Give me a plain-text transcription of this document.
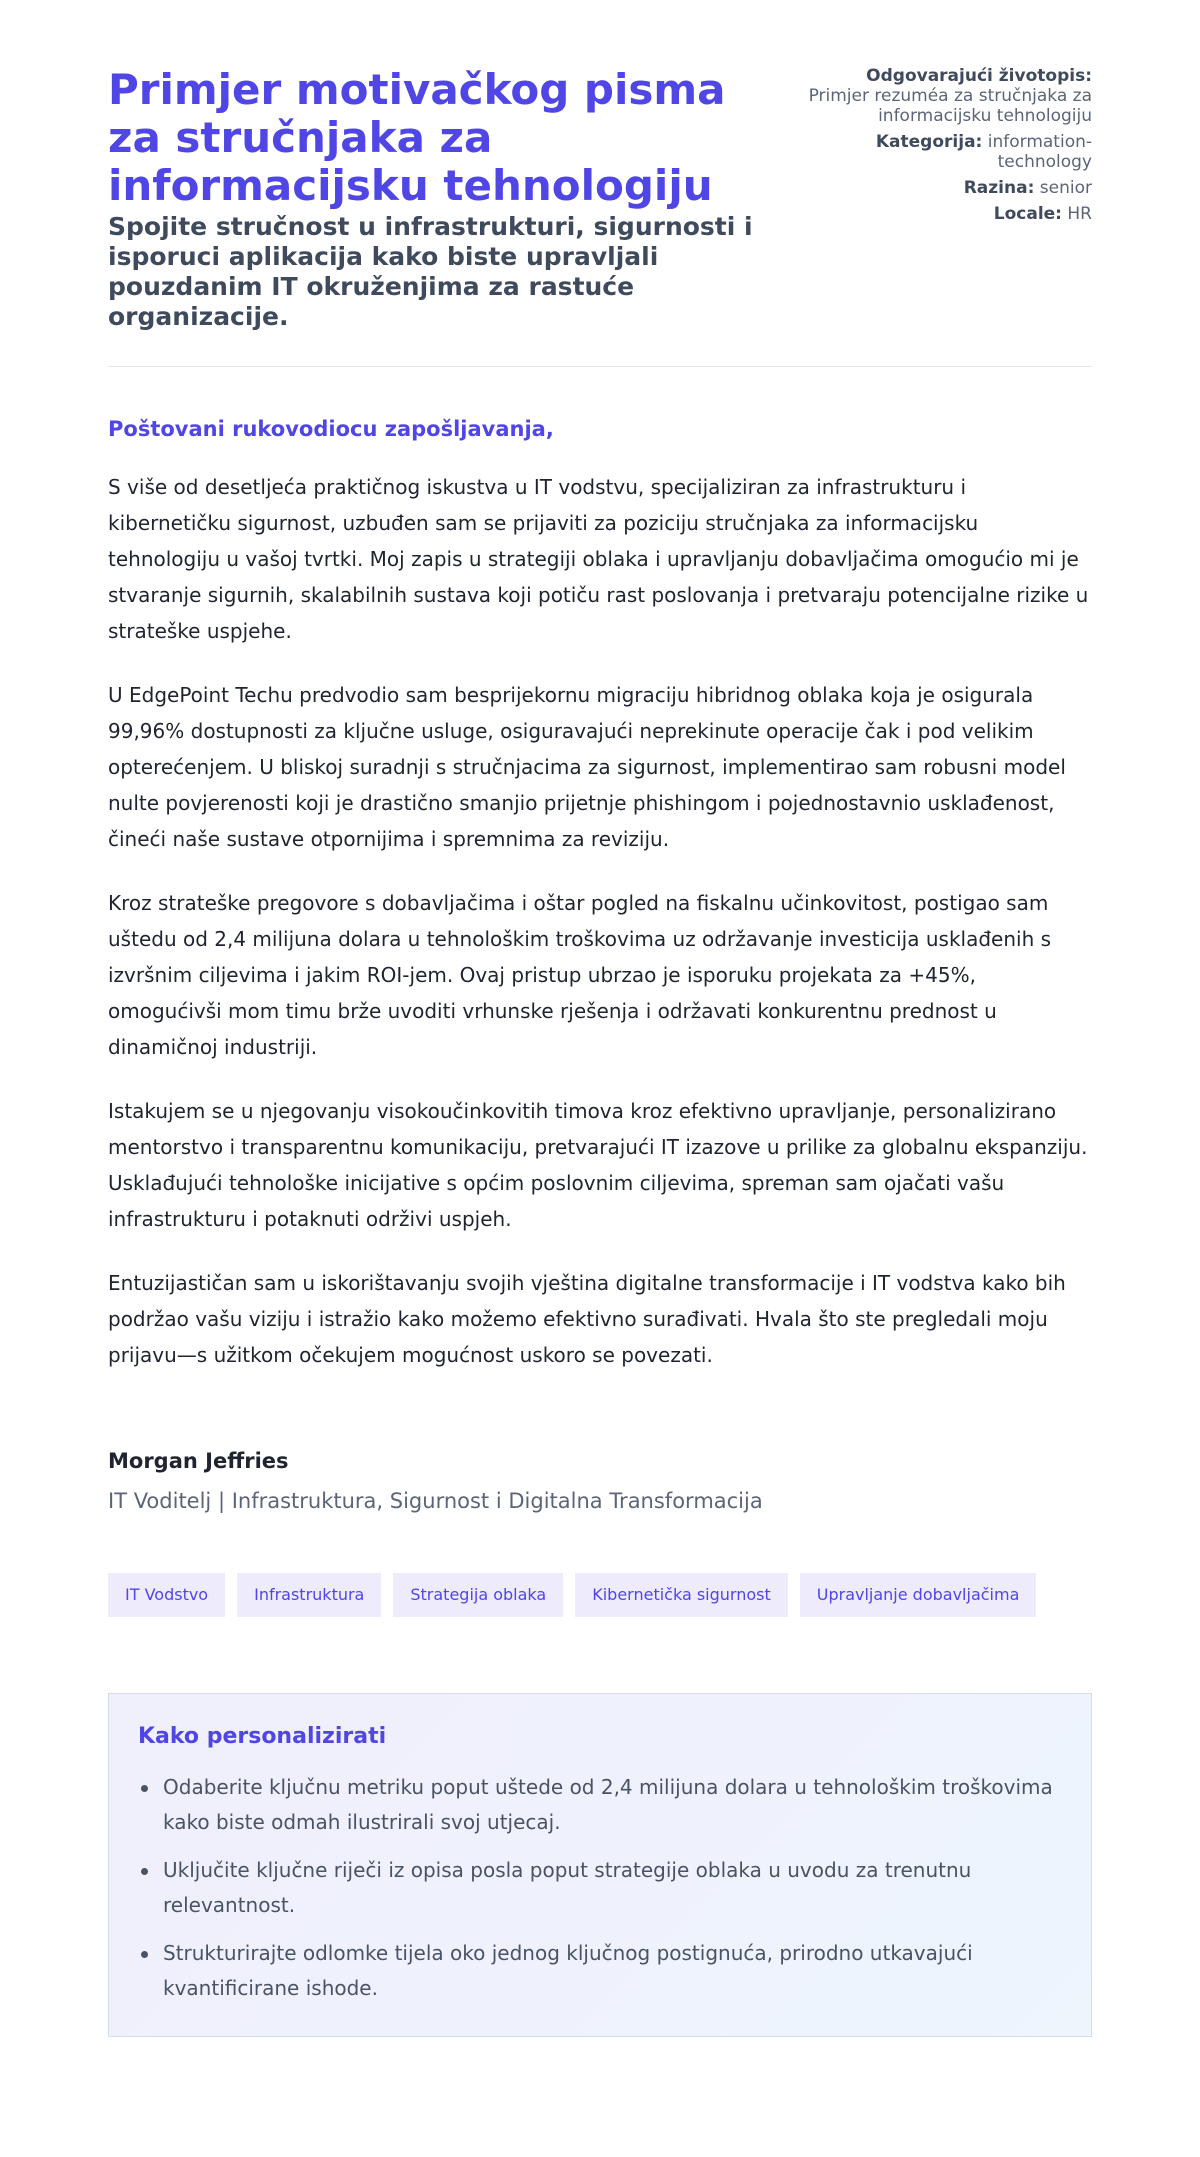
Primjer motivačkog pisma za stručnjaka za informacijsku tehnologiju
Spojite stručnost u infrastrukturi, sigurnosti i isporuci aplikacija kako biste upravljali pouzdanim IT okruženjima za rastuće organizacije.
Odgovarajući životopis:
Primjer rezuméa za stručnjaka za informacijsku tehnologiju
Kategorija: information-technology
Razina: senior
Locale: HR

Poštovani rukovodiocu zapošljavanja,

S više od desetljeća praktičnog iskustva u IT vodstvu, specijaliziran za infrastrukturu i kibernetičku sigurnost, uzbuđen sam se prijaviti za poziciju stručnjaka za informacijsku tehnologiju u vašoj tvrtki. Moj zapis u strategiji oblaka i upravljanju dobavljačima omogućio mi je stvaranje sigurnih, skalabilnih sustava koji potiču rast poslovanja i pretvaraju potencijalne rizike u strateške uspjehe.

U EdgePoint Techu predvodio sam besprijekornu migraciju hibridnog oblaka koja je osigurala 99,96% dostupnosti za ključne usluge, osiguravajući neprekinute operacije čak i pod velikim opterećenjem. U bliskoj suradnji s stručnjacima za sigurnost, implementirao sam robusni model nulte povjerenosti koji je drastično smanjio prijetnje phishingom i pojednostavnio usklađenost, čineći naše sustave otpornijima i spremnima za reviziju.

Kroz strateške pregovore s dobavljačima i oštar pogled na fiskalnu učinkovitost, postigao sam uštedu od 2,4 milijuna dolara u tehnološkim troškovima uz održavanje investicija usklađenih s izvršnim ciljevima i jakim ROI-jem. Ovaj pristup ubrzao je isporuku projekata za +45%, omogućivši mom timu brže uvoditi vrhunske rješenja i održavati konkurentnu prednost u dinamičnoj industriji.

Istakujem se u njegovanju visokoučinkovitih timova kroz efektivno upravljanje, personalizirano mentorstvo i transparentnu komunikaciju, pretvarajući IT izazove u prilike za globalnu ekspanziju. Usklađujući tehnološke inicijative s općim poslovnim ciljevima, spreman sam ojačati vašu infrastrukturu i potaknuti održivi uspjeh.

Entuzijastičan sam u iskorištavanju svojih vještina digitalne transformacije i IT vodstva kako bih podržao vašu viziju i istražio kako možemo efektivno surađivati. Hvala što ste pregledali moju prijavu—s užitkom očekujem mogućnost uskoro se povezati.

Morgan Jeffries
IT Voditelj | Infrastruktura, Sigurnost i Digitalna Transformacija
IT Vodstvo	Infrastruktura	Strategija oblaka	Kibernetička sigurnost	Upravljanje dobavljačima
Kako personalizirati
Odaberite ključnu metriku poput uštede od 2,4 milijuna dolara u tehnološkim troškovima kako biste odmah ilustrirali svoj utjecaj.
Uključite ključne riječi iz opisa posla poput strategije oblaka u uvodu za trenutnu relevantnost.
Strukturirajte odlomke tijela oko jednog ključnog postignuća, prirodno utkavajući kvantificirane ishode.
